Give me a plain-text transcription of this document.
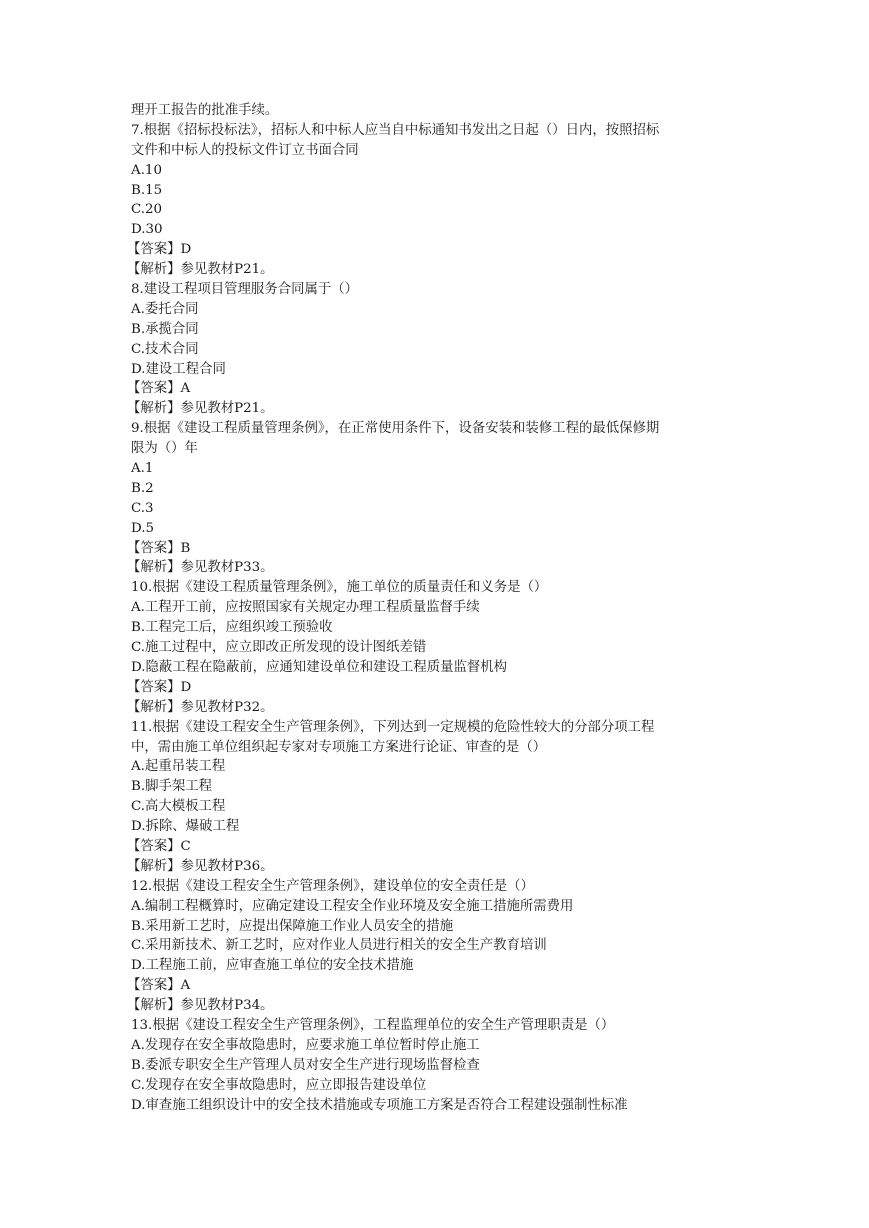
理开工报告的批准手续。
7.根据《招标投标法》，招标人和中标人应当自中标通知书发出之日起（）日内，按照招标
文件和中标人的投标文件订立书面合同
A.10
B.15
C.20
D.30
【答案】D
【解析】参见教材P21。
8.建设工程项目管理服务合同属于（）
A.委托合同
B.承揽合同
C.技术合同
D.建设工程合同
【答案】A
【解析】参见教材P21。
9.根据《建设工程质量管理条例》，在正常使用条件下，设备安装和装修工程的最低保修期
限为（）年
A.1
B.2
C.3
D.5
【答案】B
【解析】参见教材P33。
10.根据《建设工程质量管理条例》，施工单位的质量责任和义务是（）
A.工程开工前，应按照国家有关规定办理工程质量监督手续
B.工程完工后，应组织竣工预验收
C.施工过程中，应立即改正所发现的设计图纸差错
D.隐蔽工程在隐蔽前，应通知建设单位和建设工程质量监督机构
【答案】D
【解析】参见教材P32。
11.根据《建设工程安全生产管理条例》，下列达到一定规模的危险性较大的分部分项工程
中，需由施工单位组织起专家对专项施工方案进行论证、审查的是（）
A.起重吊装工程
B.脚手架工程
C.高大模板工程
D.拆除、爆破工程
【答案】C
【解析】参见教材P36。
12.根据《建设工程安全生产管理条例》，建设单位的安全责任是（）
A.编制工程概算时，应确定建设工程安全作业环境及安全施工措施所需费用
B.采用新工艺时，应提出保障施工作业人员安全的措施
C.采用新技术、新工艺时，应对作业人员进行相关的安全生产教育培训
D.工程施工前，应审查施工单位的安全技术措施
【答案】A
【解析】参见教材P34。
13.根据《建设工程安全生产管理条例》，工程监理单位的安全生产管理职责是（）
A.发现存在安全事故隐患时，应要求施工单位暂时停止施工
B.委派专职安全生产管理人员对安全生产进行现场监督检查
C.发现存在安全事故隐患时，应立即报告建设单位
D.审查施工组织设计中的安全技术措施或专项施工方案是否符合工程建设强制性标准
